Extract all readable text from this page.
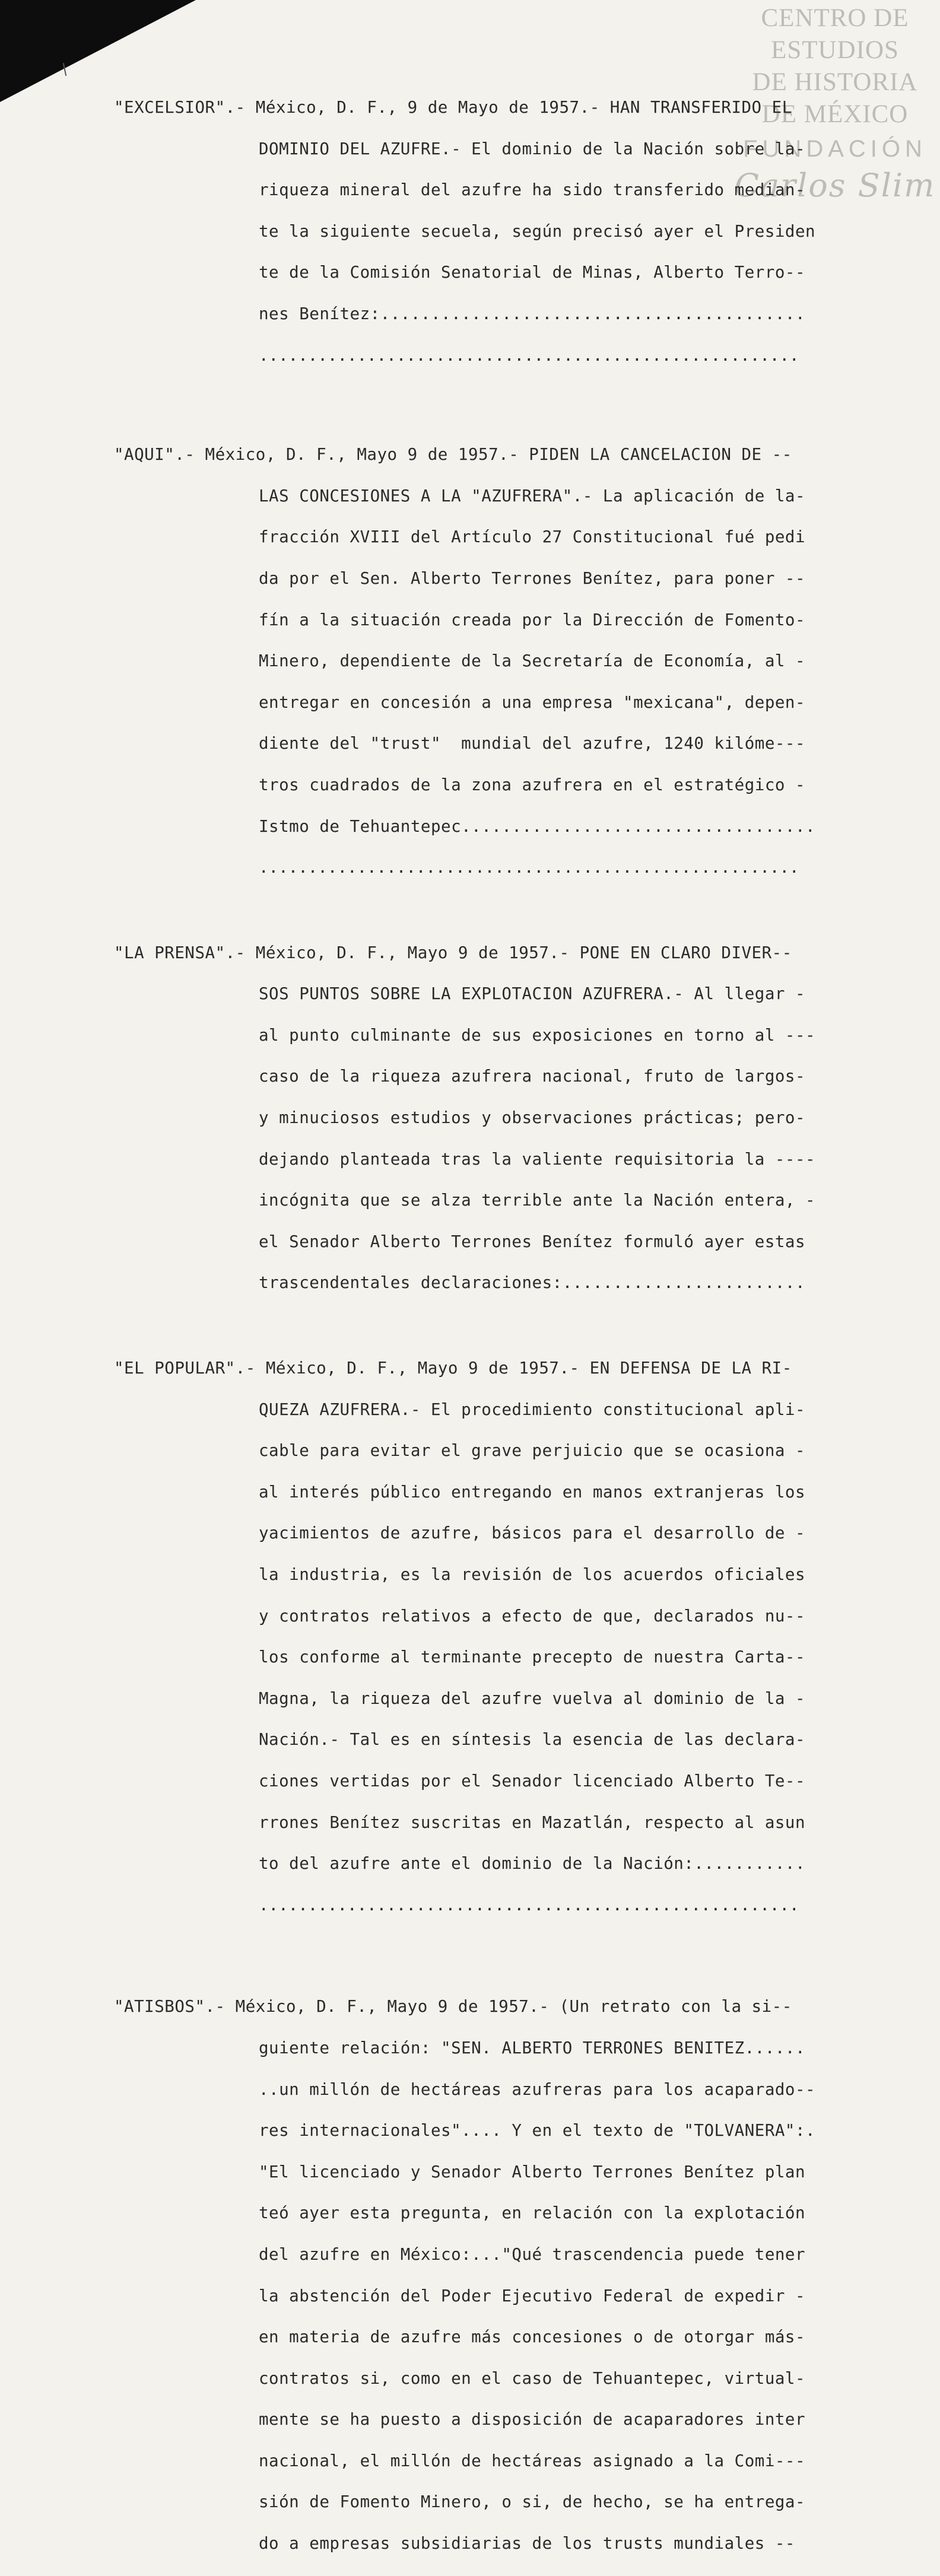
CENTRO DE
ESTUDIOS
DE HISTORIA
DE MÉXICO
FUNDACIÓN
Carlos Slim

"EXCELSIOR".- México, D. F., 9 de Mayo de 1957.- HAN TRANSFERIDO EL

DOMINIO DEL AZUFRE.- El dominio de la Nación sobre la-

riqueza mineral del azufre ha sido transferido median-

te la siguiente secuela, según precisó ayer el Presiden

te de la Comisión Senatorial de Minas, Alberto Terro--

nes Benítez:..........................................

.......................................................

"AQUI".- México, D. F., Mayo 9 de 1957.- PIDEN LA CANCELACION DE --

LAS CONCESIONES A LA "AZUFRERA".- La aplicación de la-

fracción XVIII del Artículo 27 Constitucional fué pedi

da por el Sen. Alberto Terrones Benítez, para poner --

fín a la situación creada por la Dirección de Fomento-

Minero, dependiente de la Secretaría de Economía, al -

entregar en concesión a una empresa "mexicana", depen-

diente del "trust"  mundial del azufre, 1240 kilóme---

tros cuadrados de la zona azufrera en el estratégico -

Istmo de Tehuantepec...................................

.......................................................

"LA PRENSA".- México, D. F., Mayo 9 de 1957.- PONE EN CLARO DIVER--

SOS PUNTOS SOBRE LA EXPLOTACION AZUFRERA.- Al llegar -

al punto culminante de sus exposiciones en torno al ---

caso de la riqueza azufrera nacional, fruto de largos-

y minuciosos estudios y observaciones prácticas; pero-

dejando planteada tras la valiente requisitoria la ----

incógnita que se alza terrible ante la Nación entera, -

el Senador Alberto Terrones Benítez formuló ayer estas

trascendentales declaraciones:........................

"EL POPULAR".- México, D. F., Mayo 9 de 1957.- EN DEFENSA DE LA RI-

QUEZA AZUFRERA.- El procedimiento constitucional apli-

cable para evitar el grave perjuicio que se ocasiona -

al interés público entregando en manos extranjeras los

yacimientos de azufre, básicos para el desarrollo de -

la industria, es la revisión de los acuerdos oficiales

y contratos relativos a efecto de que, declarados nu--

los conforme al terminante precepto de nuestra Carta--

Magna, la riqueza del azufre vuelva al dominio de la -

Nación.- Tal es en síntesis la esencia de las declara-

ciones vertidas por el Senador licenciado Alberto Te--

rrones Benítez suscritas en Mazatlán, respecto al asun

to del azufre ante el dominio de la Nación:...........

.......................................................

"ATISBOS".- México, D. F., Mayo 9 de 1957.- (Un retrato con la si--

guiente relación: "SEN. ALBERTO TERRONES BENITEZ......

..un millón de hectáreas azufreras para los acaparado--

res internacionales".... Y en el texto de "TOLVANERA":.

"El licenciado y Senador Alberto Terrones Benítez plan

teó ayer esta pregunta, en relación con la explotación

del azufre en México:..."Qué trascendencia puede tener

la abstención del Poder Ejecutivo Federal de expedir -

en materia de azufre más concesiones o de otorgar más-

contratos si, como en el caso de Tehuantepec, virtual-

mente se ha puesto a disposición de acaparadores inter

nacional, el millón de hectáreas asignado a la Comi---

sión de Fomento Minero, o si, de hecho, se ha entrega-

do a empresas subsidiarias de los trusts mundiales --
